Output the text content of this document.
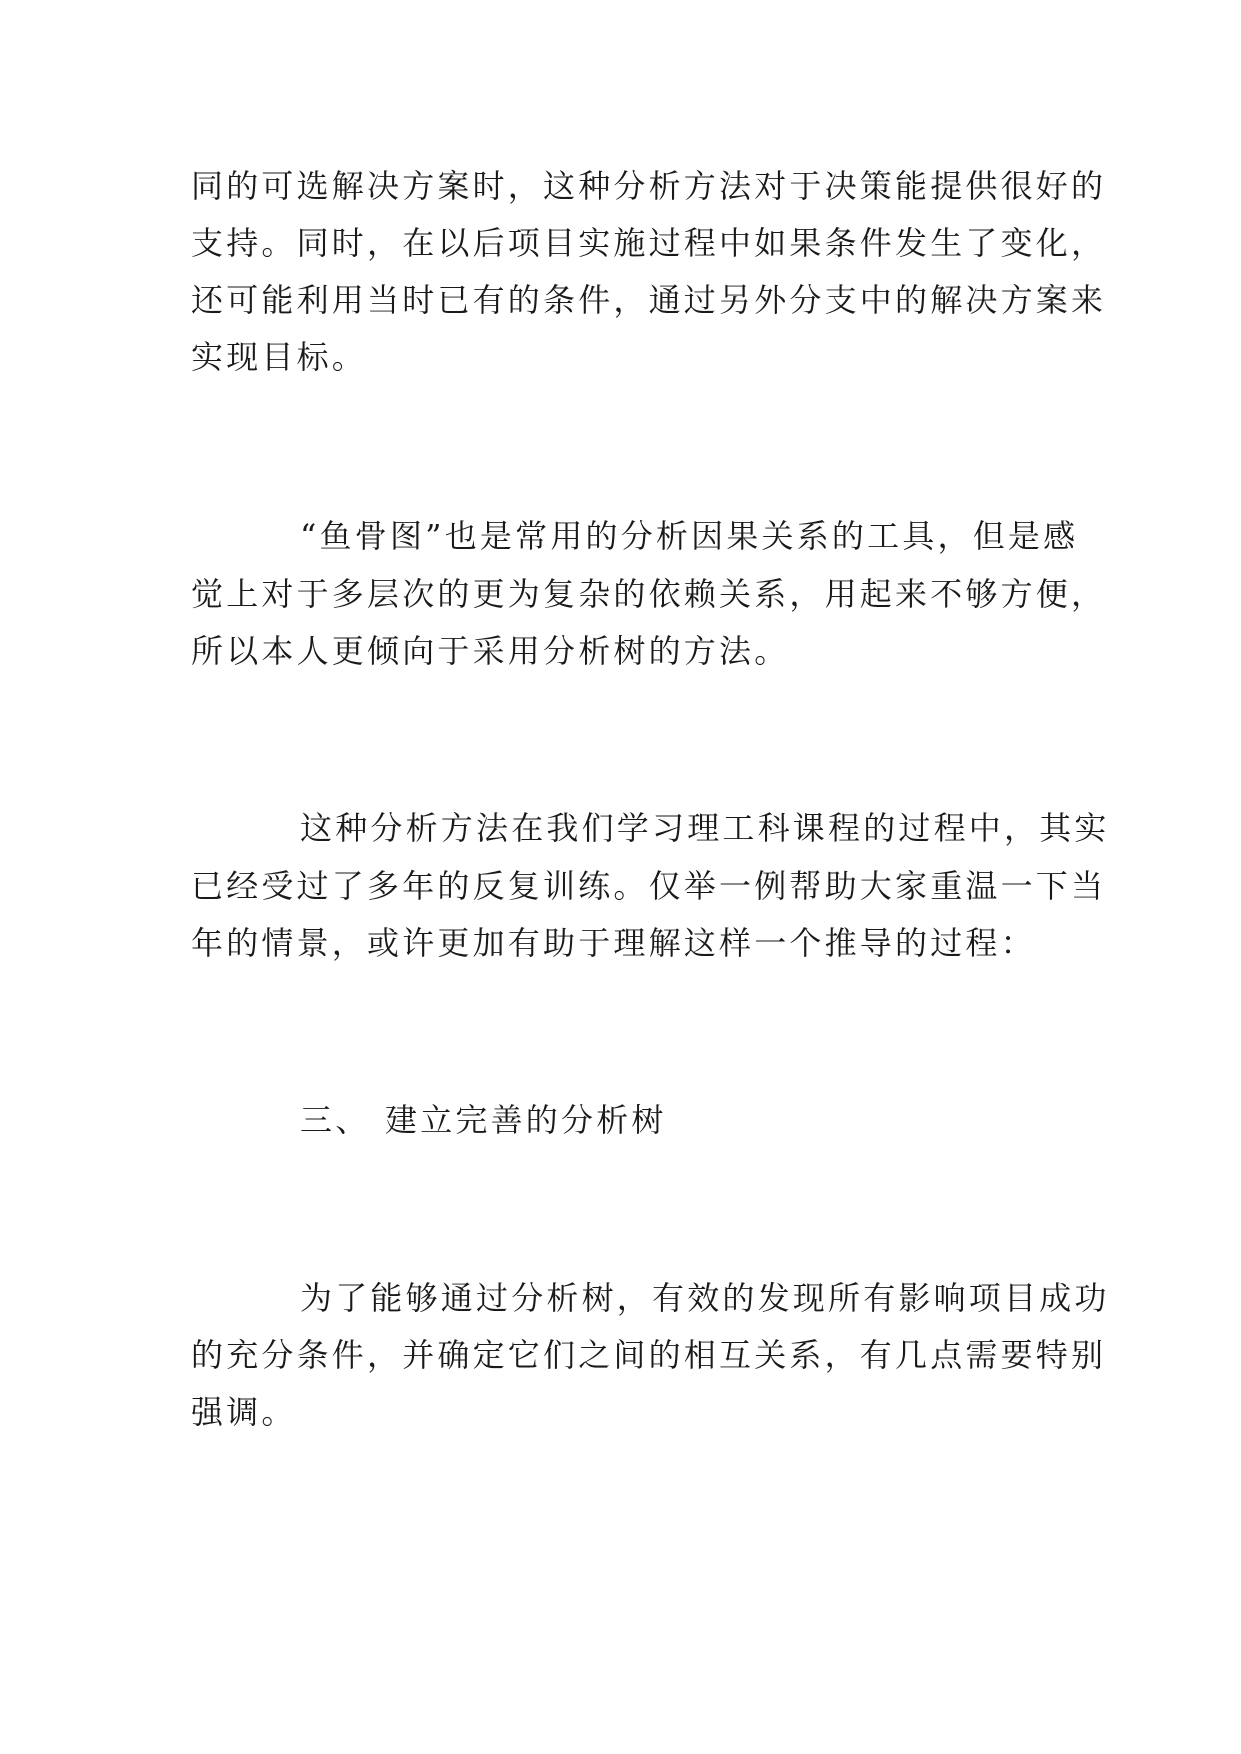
同的可选解决方案时，这种分析方法对于决策能提供很好的
支持。同时，在以后项目实施过程中如果条件发生了变化，
还可能利用当时已有的条件，通过另外分支中的解决方案来
实现目标。
“鱼骨图”也是常用的分析因果关系的工具，但是感
觉上对于多层次的更为复杂的依赖关系，用起来不够方便，
所以本人更倾向于采用分析树的方法。
这种分析方法在我们学习理工科课程的过程中，其实
已经受过了多年的反复训练。仅举一例帮助大家重温一下当
年的情景，或许更加有助于理解这样一个推导的过程：
三、 建立完善的分析树
为了能够通过分析树，有效的发现所有影响项目成功
的充分条件，并确定它们之间的相互关系，有几点需要特别
强调。
